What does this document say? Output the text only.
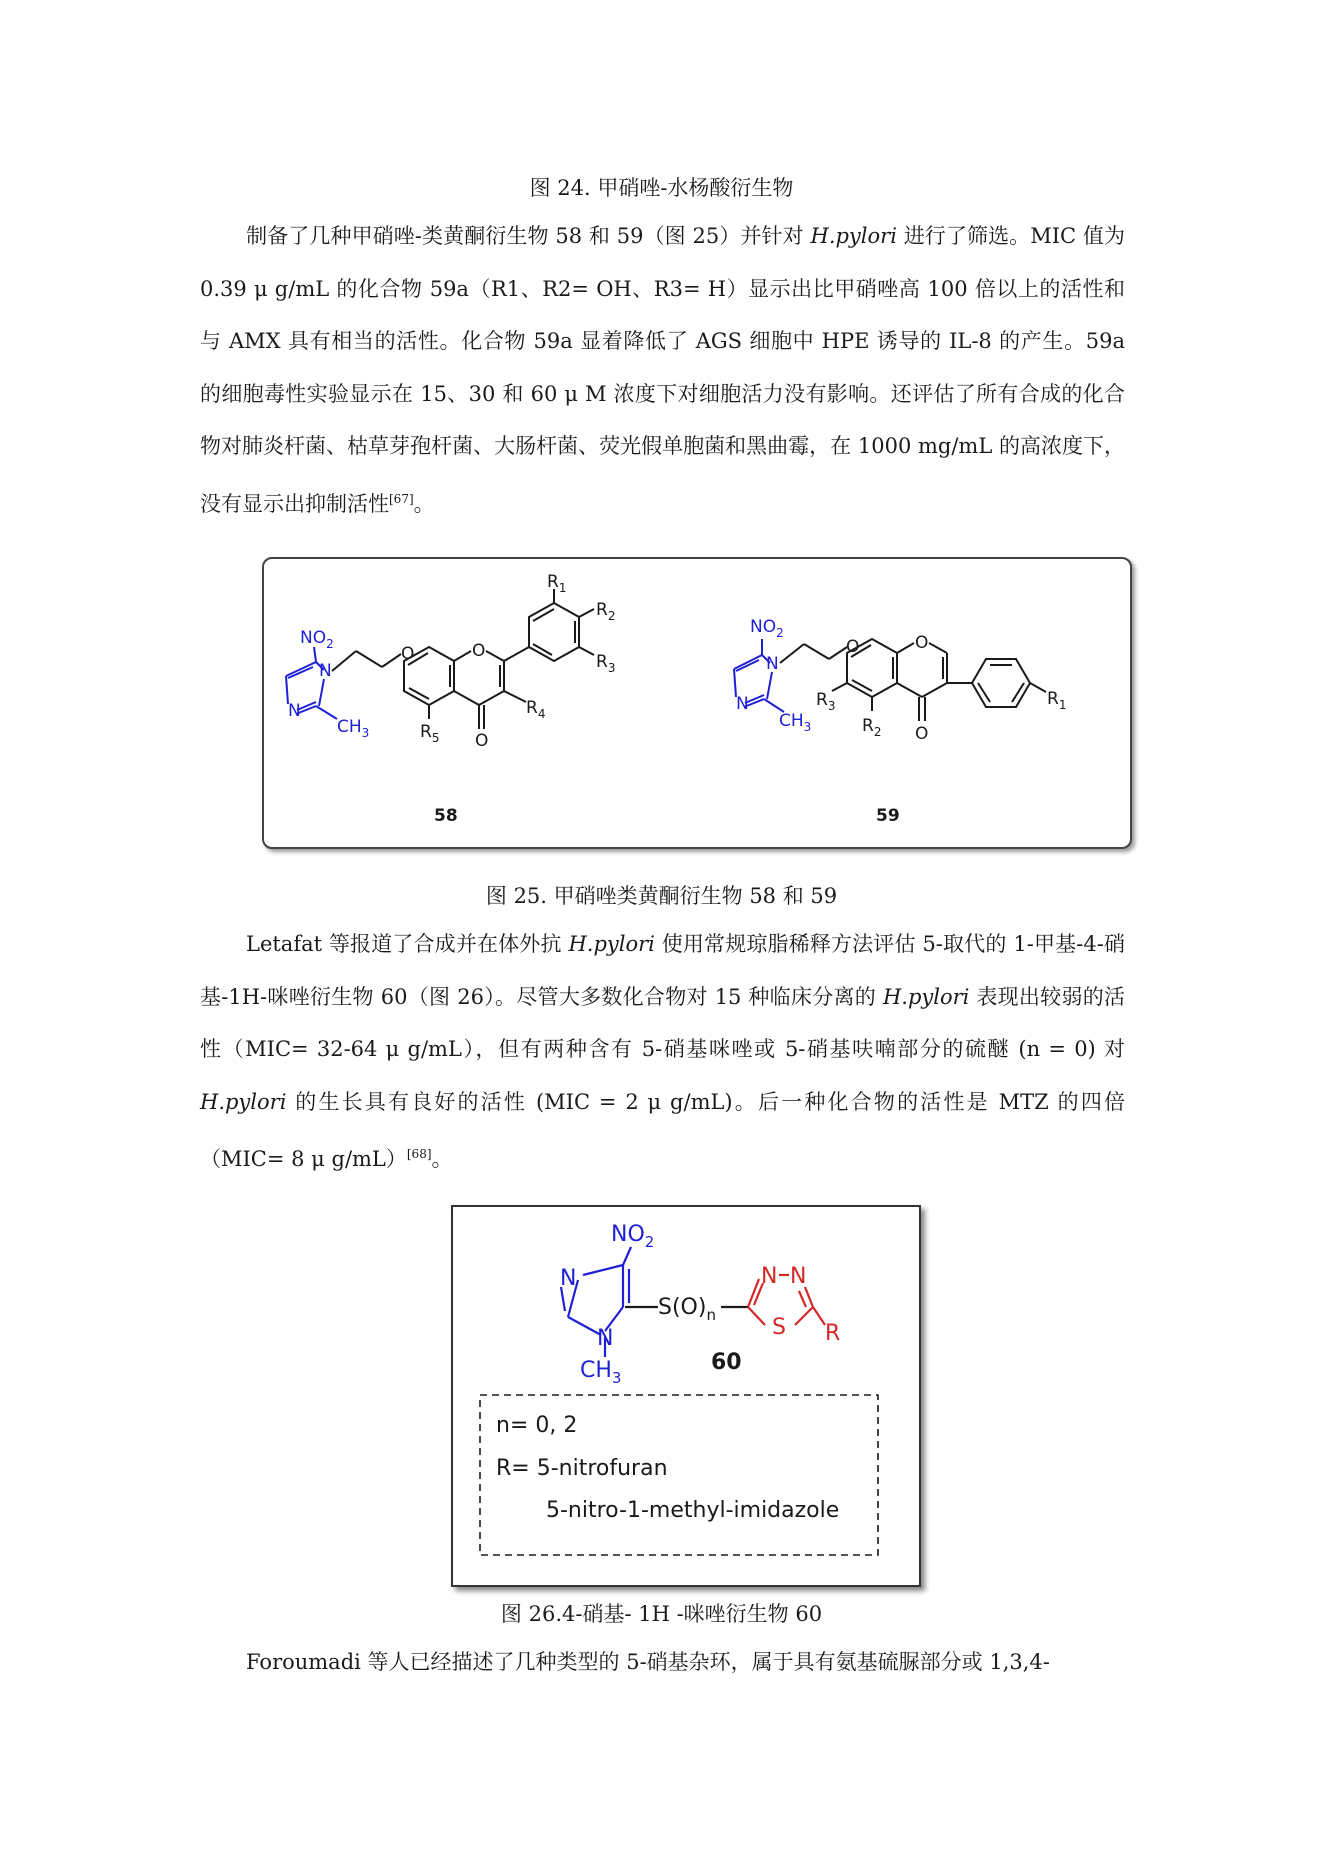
图 24. 甲硝唑-水杨酸衍生物
制备了几种甲硝唑-类黄酮衍生物 58 和 59（图 25）并针对 H.pylori 进行了筛选。MIC 值为 0.39 μ g/mL 的化合物 59a（R1、R2= OH、R3= H）显示出比甲硝唑高 100 倍以上的活性和与 AMX 具有相当的活性。化合物 59a 显着降低了 AGS 细胞中 HPE 诱导的 IL-8 的产生。59a 的细胞毒性实验显示在 15、30 和 60 μ M 浓度下对细胞活力没有影响。还评估了所有合成的化合物对肺炎杆菌、枯草芽孢杆菌、大肠杆菌、荧光假单胞菌和黑曲霉，在 1000 mg/mL 的高浓度下，没有显示出抑制活性[67]。
$NO_2$
N
N
$CH_3$
O	O
O
$R_1$
$R_2$
$R_3$
$R_4$
$R_5$
58
$NO_2$
N
N
$CH_3$
O	O
O
$R_3$
$R_2$
$R_1$
59
图 25. 甲硝唑类黄酮衍生物 58 和 59
Letafat 等报道了合成并在体外抗 H.pylori 使用常规琼脂稀释方法评估 5-取代的 1-甲基-4-硝基-1H-咪唑衍生物 60（图 26）。尽管大多数化合物对 15 种临床分离的 H.pylori 表现出较弱的活性（MIC= 32-64 μ g/mL），但有两种含有 5-硝基咪唑或 5-硝基呋喃部分的硫醚 (n = 0) 对 H.pylori 的生长具有良好的活性 (MIC = 2 μ g/mL)。后一种化合物的活性是 MTZ 的四倍（MIC= 8 μ g/mL）[68]。
$NO_2$
N
N
$CH_3$
$S(O)_n$
N N
S R
60
n= 0, 2
R= 5-nitrofuran
5-nitro-1-methyl-imidazole
图 26.4-硝基- 1H -咪唑衍生物 60
Foroumadi 等人已经描述了几种类型的 5-硝基杂环，属于具有氨基硫脲部分或 1,3,4-
